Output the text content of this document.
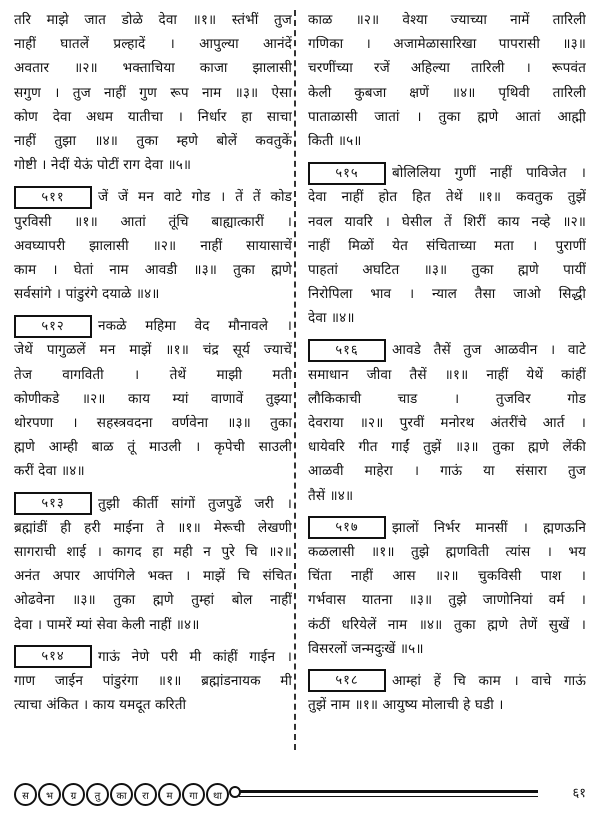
तरि माझे जात डोळे देवा ॥१॥ स्तंभीं तुज
नाहीं घातलें प्रल्हादें । आपुल्या आनंदें
अवतार ॥२॥ भक्ताचिया काजा झालासी
सगुण । तुज नाहीं गुण रूप नाम ॥३॥ ऐसा
कोण देवा अधम यातीचा । निर्धार हा साचा
नाहीं तुझा ॥४॥ तुका म्हणे बोलें कवतुकें
गोष्टी । नेदीं येऊं पोटीं राग देवा ॥५॥
५११ जें जें मन वाटे गोड । तें तें कोड
पुरविसी ॥१॥ आतां तूंचि बाह्यात्कारीं ।
अवघ्यापरी झालासी ॥२॥ नाहीं सायासाचें
काम । घेतां नाम आवडी ॥३॥ तुका ह्मणे
सर्वसांगे । पांडुरंगे दयाळे ॥४॥
५१२ नकळे महिमा वेद मौनावले ।
जेथें पागुळलें मन माझें ॥१॥ चंद्र सूर्य ज्याचें
तेज वागविती । तेथें माझी मती
कोणीकडे ॥२॥ काय म्यां वाणावें तुझ्या
थोरपणा । सहस्त्रवदना वर्णवेना ॥३॥ तुका
ह्मणे आम्ही बाळ तूं माउली । कृपेची साउली
करीं देवा ॥४॥
५१३ तुझी कीर्ती सांगों तुजपुढें जरी ।
ब्रह्मांडीं ही हरी माईना ते ॥१॥ मेरूची लेखणी
सागराची शाई । कागद हा मही न पुरे चि ॥२॥
अनंत अपार आपंगिले भक्त । माझें चि संचित
ओढवेना ॥३॥ तुका ह्मणे तुम्हां बोल नाहीं
देवा । पामरें म्यां सेवा केली नाहीं ॥४॥
५१४ गाऊं नेणे परी मी कांहीं गाईन ।
गाण जाईन पांडुरंगा ॥१॥ ब्रह्मांडनायक मी
त्याचा अंकित । काय यमदूत करिती
काळ ॥२॥ वेश्या ज्याच्या नामें तारिली
गणिका । अजामेळासारिखा पापरासी ॥३॥
चरणींच्या रजें अहिल्या तारिली । रूपवंत
केली कुबजा क्षणें ॥४॥ पृथिवी तारिली
पाताळासी जातां । तुका ह्मणे आतां आह्मी
किती ॥५॥
५१५ बोलिलिया गुणीं नाहीं पाविजेत ।
देवा नाहीं होत हित तेथें ॥१॥ कवतुक तुझें
नवल यावरि । घेसील तें शिरीं काय नव्हे ॥२॥
नाहीं मिळों येत संचिताच्या मता । पुराणीं
पाहतां अघटित ॥३॥ तुका ह्मणे पायीं
निरोपिला भाव । न्याल तैसा जाओ सिद्धी
देवा ॥४॥
५१६ आवडे तैसें तुज आळवीन । वाटे
समाधान जीवा तैसें ॥१॥ नाहीं येथें कांहीं
लौकिकाची चाड । तुजविर गोड
देवराया ॥२॥ पुरवीं मनोरथ अंतरींचे आर्त ।
धायेवरि गीत गाईं तुझें ॥३॥ तुका ह्मणे लेंकी
आळवी माहेरा । गाऊं या संसारा तुज
तैसें ॥४॥
५१७ झालों निर्भर मानसीं । ह्मणऊनि
कळलासी ॥१॥ तुझे ह्मणविती त्यांस । भय
चिंता नाहीं आस ॥२॥ चुकविसी पाश ।
गर्भवास यातना ॥३॥ तुझे जाणोनियां वर्म ।
कंठीं धरियेलें नाम ॥४॥ तुका ह्मणे तेणें सुखें ।
विसरलों जन्मदुःखें ॥५॥
५१८ आम्हां हें चि काम । वाचे गाऊं
तुझें नाम ॥१॥ आयुष्य मोलाची हे घडी ।
स	भ	ग्र	तु	का	रा	म	गा	था	६१
